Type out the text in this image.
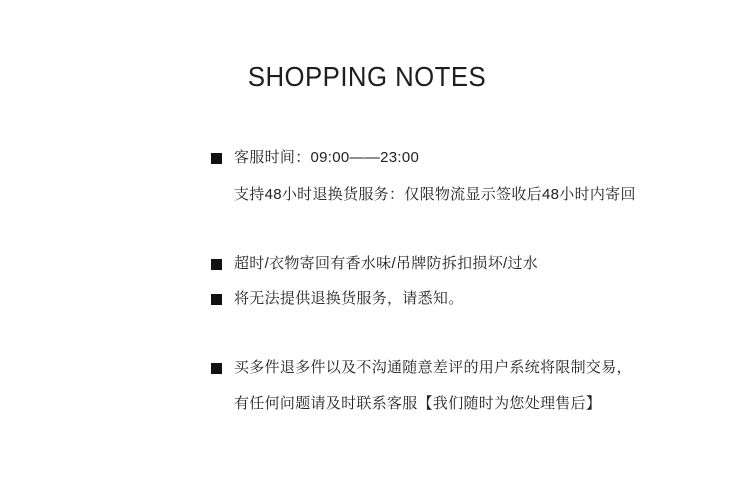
SHOPPING NOTES
客服时间：09:00——23:00
支持48小时退换货服务：仅限物流显示签收后48小时内寄回
超时/衣物寄回有香水味/吊牌防拆扣损坏/过水
将无法提供退换货服务，请悉知。
买多件退多件以及不沟通随意差评的用户系统将限制交易，
有任何问题请及时联系客服【我们随时为您处理售后】
